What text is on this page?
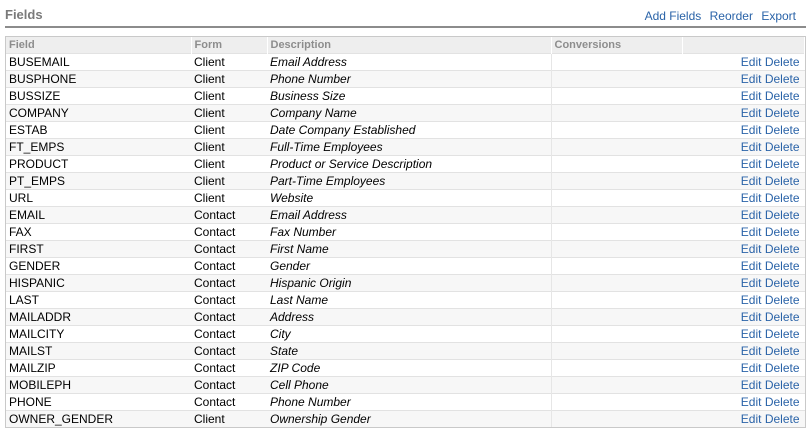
Fields	Add Fields Reorder Export
Field	Form	Description	Conversions	
BUSEMAIL	Client	Email Address		Edit Delete
BUSPHONE	Client	Phone Number		Edit Delete
BUSSIZE	Client	Business Size		Edit Delete
COMPANY	Client	Company Name		Edit Delete
ESTAB	Client	Date Company Established		Edit Delete
FT_EMPS	Client	Full-Time Employees		Edit Delete
PRODUCT	Client	Product or Service Description		Edit Delete
PT_EMPS	Client	Part-Time Employees		Edit Delete
URL	Client	Website		Edit Delete
EMAIL	Contact	Email Address		Edit Delete
FAX	Contact	Fax Number		Edit Delete
FIRST	Contact	First Name		Edit Delete
GENDER	Contact	Gender		Edit Delete
HISPANIC	Contact	Hispanic Origin		Edit Delete
LAST	Contact	Last Name		Edit Delete
MAILADDR	Contact	Address		Edit Delete
MAILCITY	Contact	City		Edit Delete
MAILST	Contact	State		Edit Delete
MAILZIP	Contact	ZIP Code		Edit Delete
MOBILEPH	Contact	Cell Phone		Edit Delete
PHONE	Contact	Phone Number		Edit Delete
OWNER_GENDER	Client	Ownership Gender		Edit Delete
